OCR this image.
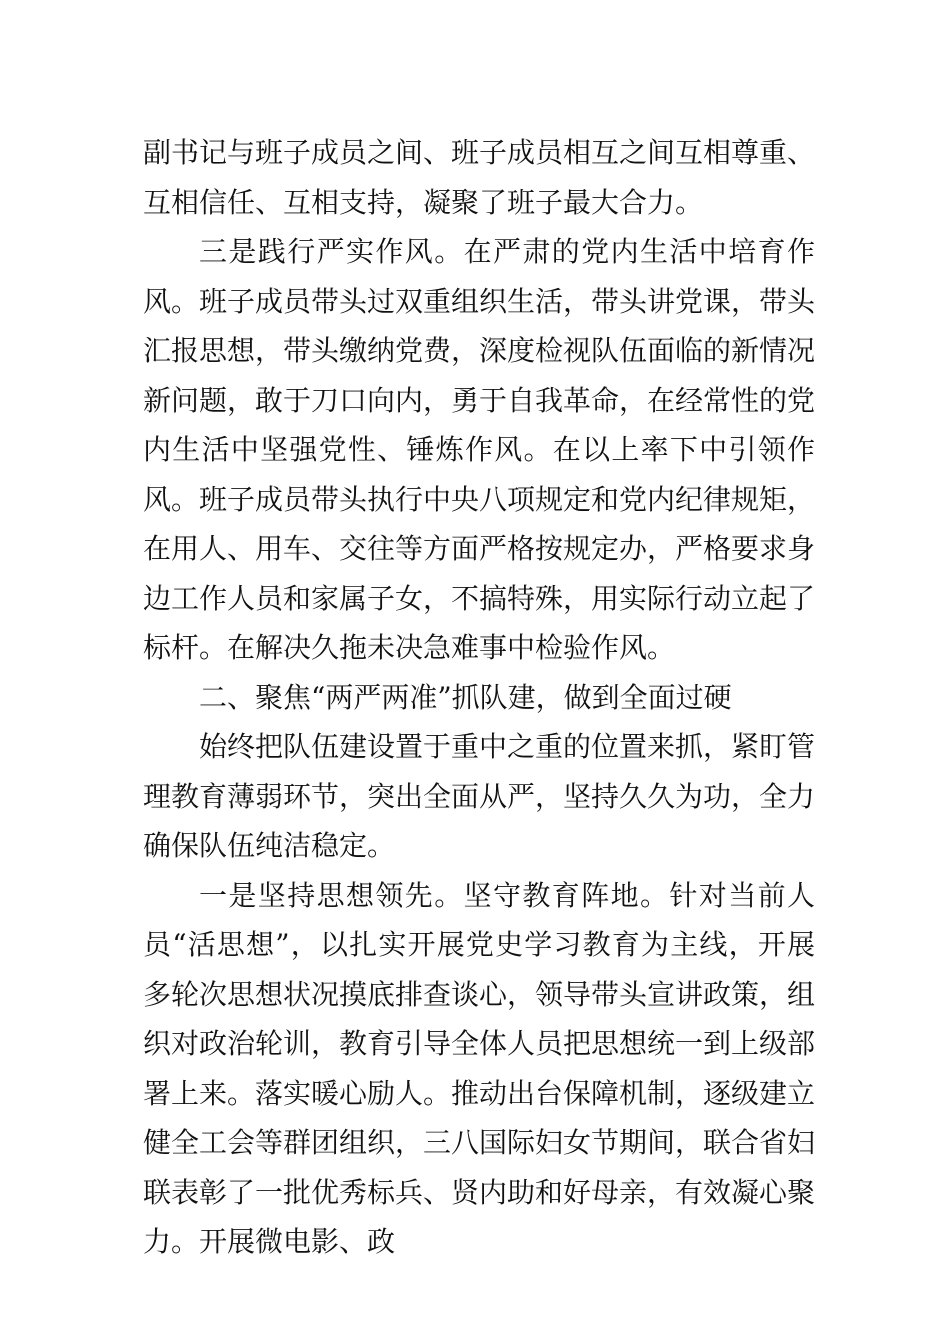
副书记与班子成员之间、班子成员相互之间互相尊重、互相信任、互相支持，凝聚了班子最大合力。

三是践行严实作风。在严肃的党内生活中培育作风。班子成员带头过双重组织生活，带头讲党课，带头汇报思想，带头缴纳党费，深度检视队伍面临的新情况新问题，敢于刀口向内，勇于自我革命，在经常性的党内生活中坚强党性、锤炼作风。在以上率下中引领作风。班子成员带头执行中央八项规定和党内纪律规矩，在用人、用车、交往等方面严格按规定办，严格要求身边工作人员和家属子女，不搞特殊，用实际行动立起了标杆。在解决久拖未决急难事中检验作风。

二、聚焦“两严两准”抓队建，做到全面过硬

始终把队伍建设置于重中之重的位置来抓，紧盯管理教育薄弱环节，突出全面从严，坚持久久为功，全力确保队伍纯洁稳定。

一是坚持思想领先。坚守教育阵地。针对当前人员“活思想”，以扎实开展党史学习教育为主线，开展多轮次思想状况摸底排查谈心，领导带头宣讲政策，组织对政治轮训，教育引导全体人员把思想统一到上级部署上来。落实暖心励人。推动出台保障机制，逐级建立健全工会等群团组织，三八国际妇女节期间，联合省妇联表彰了一批优秀标兵、贤内助和好母亲，有效凝心聚力。开展微电影、政
